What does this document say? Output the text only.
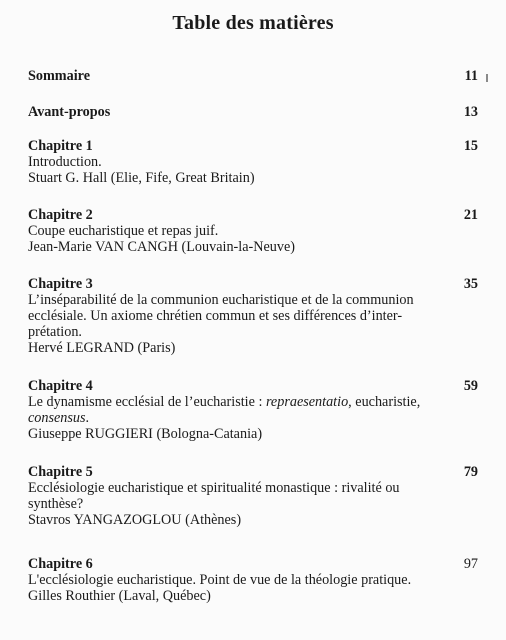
Table des matières
Sommaire	11
Avant-propos	13
Chapitre 1	15
Introduction.
Stuart G. Hall (Elie, Fife, Great Britain)
Chapitre 2	21
Coupe eucharistique et repas juif.
Jean-Marie VAN CANGH (Louvain-la-Neuve)
Chapitre 3	35
L’inséparabilité de la communion eucharistique et de la communion
ecclésiale. Un axiome chrétien commun et ses différences d’inter-
prétation.
Hervé LEGRAND (Paris)
Chapitre 4	59
Le dynamisme ecclésial de l’eucharistie : repraesentatio, eucharistie,
consensus.
Giuseppe RUGGIERI (Bologna-Catania)
Chapitre 5	79
Ecclésiologie eucharistique et spiritualité monastique : rivalité ou
synthèse?
Stavros YANGAZOGLOU (Athènes)
Chapitre 6	97
L'ecclésiologie eucharistique. Point de vue de la théologie pratique.
Gilles Routhier (Laval, Québec)
